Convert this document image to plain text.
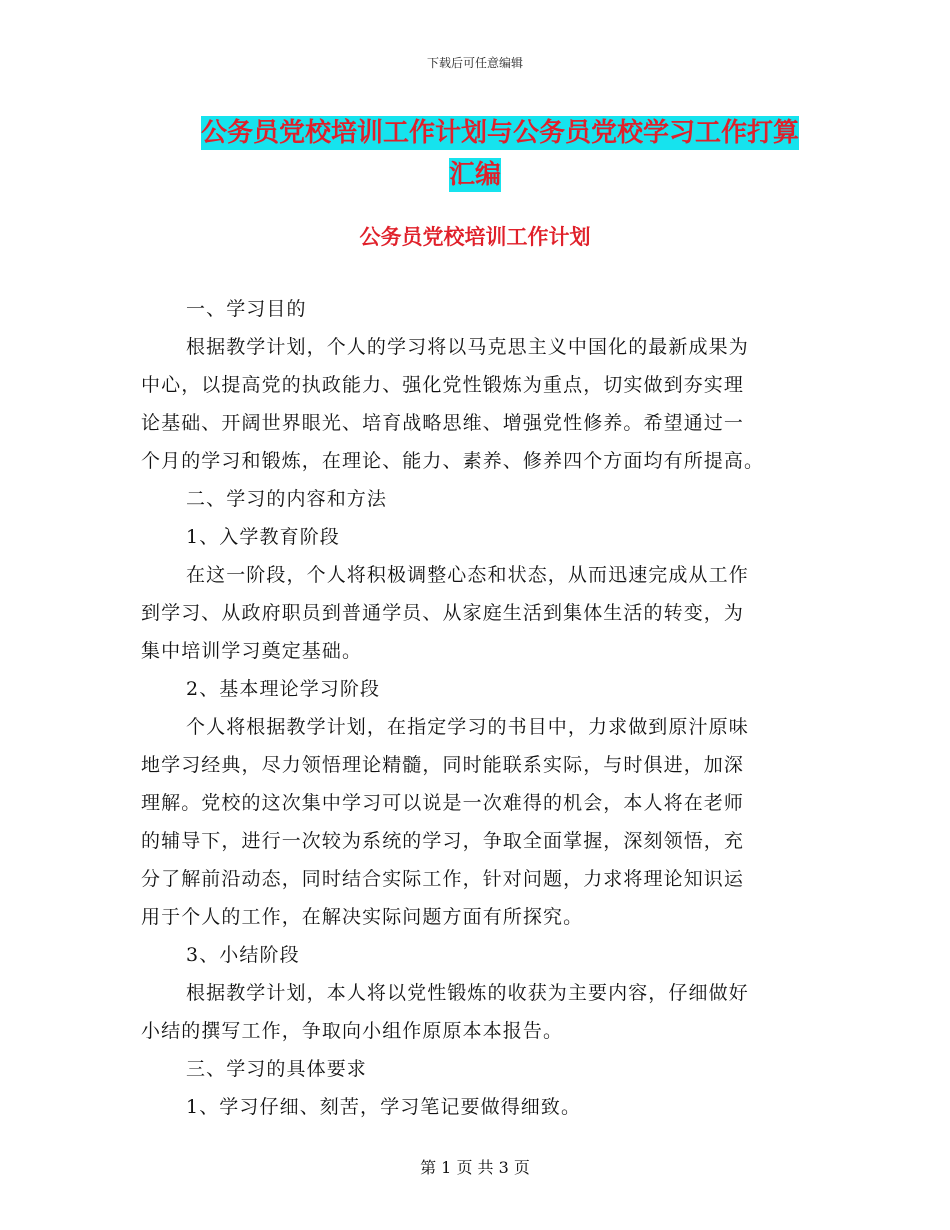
下载后可任意编辑
公务员党校培训工作计划与公务员党校学习工作打算
汇编
公务员党校培训工作计划
一、学习目的
根据教学计划，个人的学习将以马克思主义中国化的最新成果为
中心，以提高党的执政能力、强化党性锻炼为重点，切实做到夯实理
论基础、开阔世界眼光、培育战略思维、增强党性修养。希望通过一
个月的学习和锻炼，在理论、能力、素养、修养四个方面均有所提高。
二、学习的内容和方法
1、入学教育阶段
在这一阶段，个人将积极调整心态和状态，从而迅速完成从工作
到学习、从政府职员到普通学员、从家庭生活到集体生活的转变，为
集中培训学习奠定基础。
2、基本理论学习阶段
个人将根据教学计划，在指定学习的书目中，力求做到原汁原味
地学习经典，尽力领悟理论精髓，同时能联系实际，与时俱进，加深
理解。党校的这次集中学习可以说是一次难得的机会，本人将在老师
的辅导下，进行一次较为系统的学习，争取全面掌握，深刻领悟，充
分了解前沿动态，同时结合实际工作，针对问题，力求将理论知识运
用于个人的工作，在解决实际问题方面有所探究。
3、小结阶段
根据教学计划，本人将以党性锻炼的收获为主要内容，仔细做好
小结的撰写工作，争取向小组作原原本本报告。
三、学习的具体要求
1、学习仔细、刻苦，学习笔记要做得细致。
第 1 页 共 3 页
